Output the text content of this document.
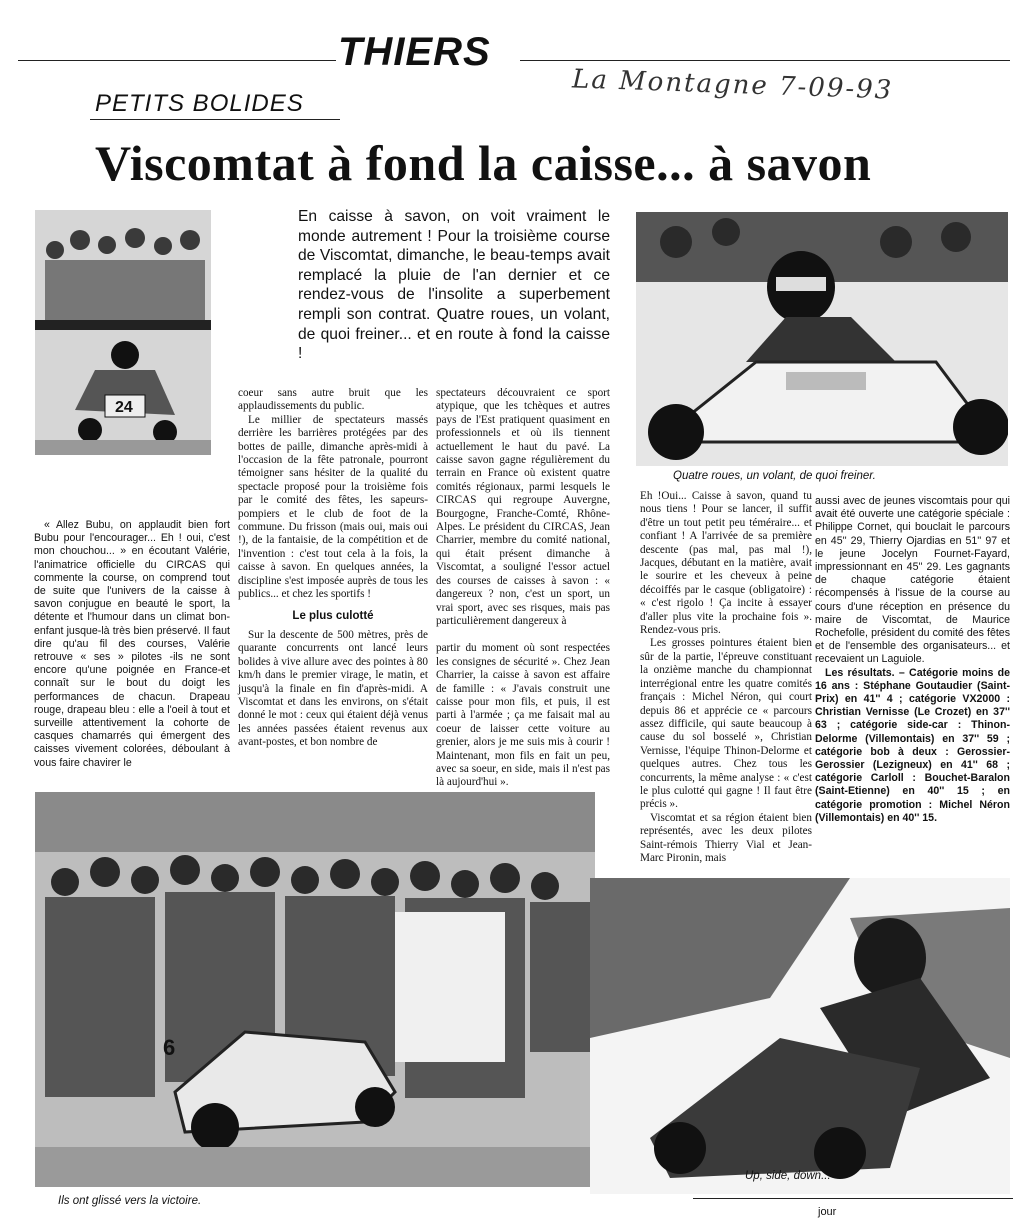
THIERS
La Montagne 7-09-93
PETITS BOLIDES
Viscomtat à fond la caisse... à savon
24
En caisse à savon, on voit vraiment le monde autrement ! Pour la troisième course de Viscomtat, dimanche, le beau-temps avait remplacé la pluie de l'an dernier et ce rendez-vous de l'insolite a superbement rempli son contrat. Quatre roues, un volant, de quoi freiner... et en route à fond la caisse !
Quatre roues, un volant, de quoi freiner.

« Allez Bubu, on applaudit bien fort Bubu pour l'encourager... Eh ! oui, c'est mon chouchou... » en écoutant Valérie, l'animatrice officielle du CIRCAS qui commente la course, on comprend tout de suite que l'univers de la caisse à savon conjugue en beauté le sport, la détente et l'humour dans un climat bon-enfant jusque-là très bien préservé. Il faut dire qu'au fil des courses, Valérie retrouve « ses » pilotes -ils ne sont encore qu'une poignée en France-et connaît sur le bout du doigt les performances de chacun. Drapeau rouge, drapeau bleu : elle a l'oeil à tout et surveille attentivement la cohorte de casques chamarrés qui émergent des caisses vivement colorées, déboulant à vous faire chavirer le

coeur sans autre bruit que les applaudissements du public.

Le millier de spectateurs massés derrière les barrières protégées par des bottes de paille, dimanche après-midi à l'occasion de la fête patronale, pourront témoigner sans hésiter de la qualité du spectacle proposé pour la troisième fois par le comité des fêtes, les sapeurs-pompiers et le club de foot de la commune. Du frisson (mais oui, mais oui !), de la fantaisie, de la compétition et de l'invention : c'est tout cela à la fois, la caisse à savon. En quelques années, la discipline s'est imposée auprès de tous les publics... et chez les sportifs !

Le plus culotté

Sur la descente de 500 mètres, près de quarante concurrents ont lancé leurs bolides à vive allure avec des pointes à 80 km/h dans le premier virage, le matin, et jusqu'à la finale en fin d'après-midi. A Viscomtat et dans les environs, on s'était donné le mot : ceux qui étaient déjà venus les années passées étaient revenus aux avant-postes, et bon nombre de

spectateurs découvraient ce sport atypique, que les tchèques et autres pays de l'Est pratiquent quasiment en professionnels et où ils tiennent actuellement le haut du pavé. La caisse savon gagne régulièrement du terrain en France où existent quatre comités régionaux, parmi lesquels le CIRCAS qui regroupe Auvergne, Bourgogne, Franche-Comté, Rhône-Alpes. Le président du CIRCAS, Jean Charrier, membre du comité national, qui était présent dimanche à Viscomtat, a souligné l'essor actuel des courses de caisses à savon : « dangereux ? non, c'est un sport, un vrai sport, avec ses risques, mais pas particulièrement dangereux à

partir du moment où sont respectées les consignes de sécurité ». Chez Jean Charrier, la caisse à savon est affaire de famille : « J'avais construit une caisse pour mon fils, et puis, il est parti à l'armée ; ça me faisait mal au coeur de laisser cette voiture au grenier, alors je me suis mis à courir ! Maintenant, mon fils en fait un peu, avec sa soeur, en side, mais il n'est pas là aujourd'hui ».

Eh !Oui... Caisse à savon, quand tu nous tiens ! Pour se lancer, il suffit d'être un tout petit peu téméraire... et confiant ! A l'arrivée de sa première descente (pas mal, pas mal !), Jacques, débutant en la matière, avait le sourire et les cheveux à peine décoiffés par le casque (obligatoire) : « c'est rigolo ! Ça incite à essayer d'aller plus vite la prochaine fois ». Rendez-vous pris.

Les grosses pointures étaient bien sûr de la partie, l'épreuve constituant la onzième manche du championnat interrégional entre les quatre comités français : Michel Néron, qui court depuis 86 et apprécie ce « parcours assez difficile, qui saute beaucoup à cause du sol bosselé », Christian Vernisse, l'équipe Thinon-Delorme et quelques autres. Chez tous les concurrents, la même analyse : « c'est le plus culotté qui gagne ! Il faut être précis ».

Viscomtat et sa région étaient bien représentés, avec les deux pilotes Saint-rémois Thierry Vial et Jean-Marc Pironin, mais

aussi avec de jeunes viscomtais pour qui avait été ouverte une catégorie spéciale : Philippe Cornet, qui bouclait le parcours en 45'' 29, Thierry Ojardias en 51'' 97 et le jeune Jocelyn Fournet-Fayard, impressionnant en 45'' 29. Les gagnants de chaque catégorie étaient récompensés à l'issue de la course au cours d'une réception en présence du maire de Viscomtat, de Maurice Rochefolle, président du comité des fêtes et de l'ensemble des organisateurs... et recevaient un Laguiole.

Les résultats. – Catégorie moins de 16 ans : Stéphane Goutaudier (Saint-Prix) en 41'' 4 ; catégorie VX2000 : Christian Vernisse (Le Crozet) en 37'' 63 ; catégorie side-car : Thinon-Delorme (Villemontais) en 37'' 59 ; catégorie bob à deux : Gerossier-Gerossier (Lezigneux) en 41'' 68 ; catégorie Carloll : Bouchet-Baralon (Saint-Etienne) en 40'' 15 ; en catégorie promotion : Michel Néron (Villemontais) en 40'' 15.

6
Ils ont glissé vers la victoire.
Up, side, down...
jour
